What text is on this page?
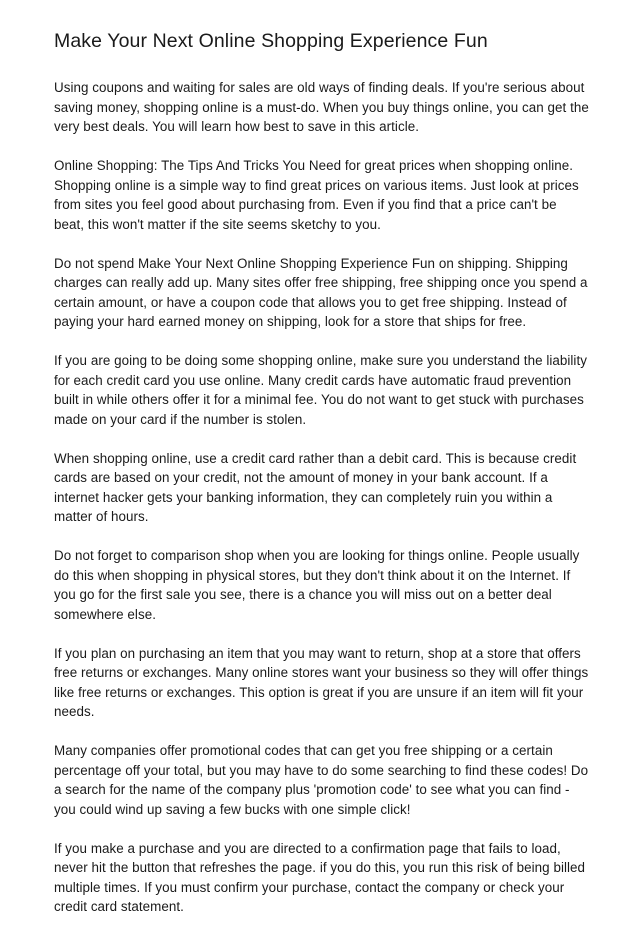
Make Your Next Online Shopping Experience Fun

Using coupons and waiting for sales are old ways of finding deals. If you're serious about saving money, shopping online is a must-do. When you buy things online, you can get the very best deals. You will learn how best to save in this article.

Online Shopping: The Tips And Tricks You Need for great prices when shopping online. Shopping online is a simple way to find great prices on various items. Just look at prices from sites you feel good about purchasing from. Even if you find that a price can't be beat, this won't matter if the site seems sketchy to you.

Do not spend Make Your Next Online Shopping Experience Fun on shipping. Shipping charges can really add up. Many sites offer free shipping, free shipping once you spend a certain amount, or have a coupon code that allows you to get free shipping. Instead of paying your hard earned money on shipping, look for a store that ships for free.

If you are going to be doing some shopping online, make sure you understand the liability for each credit card you use online. Many credit cards have automatic fraud prevention built in while others offer it for a minimal fee. You do not want to get stuck with purchases made on your card if the number is stolen.

When shopping online, use a credit card rather than a debit card. This is because credit cards are based on your credit, not the amount of money in your bank account. If a internet hacker gets your banking information, they can completely ruin you within a matter of hours.

Do not forget to comparison shop when you are looking for things online. People usually do this when shopping in physical stores, but they don't think about it on the Internet. If you go for the first sale you see, there is a chance you will miss out on a better deal somewhere else.

If you plan on purchasing an item that you may want to return, shop at a store that offers free returns or exchanges. Many online stores want your business so they will offer things like free returns or exchanges. This option is great if you are unsure if an item will fit your needs.

Many companies offer promotional codes that can get you free shipping or a certain percentage off your total, but you may have to do some searching to find these codes! Do a search for the name of the company plus 'promotion code' to see what you can find - you could wind up saving a few bucks with one simple click!

If you make a purchase and you are directed to a confirmation page that fails to load, never hit the button that refreshes the page. if you do this, you run this risk of being billed multiple times. If you must confirm your purchase, contact the company or check your credit card statement.
